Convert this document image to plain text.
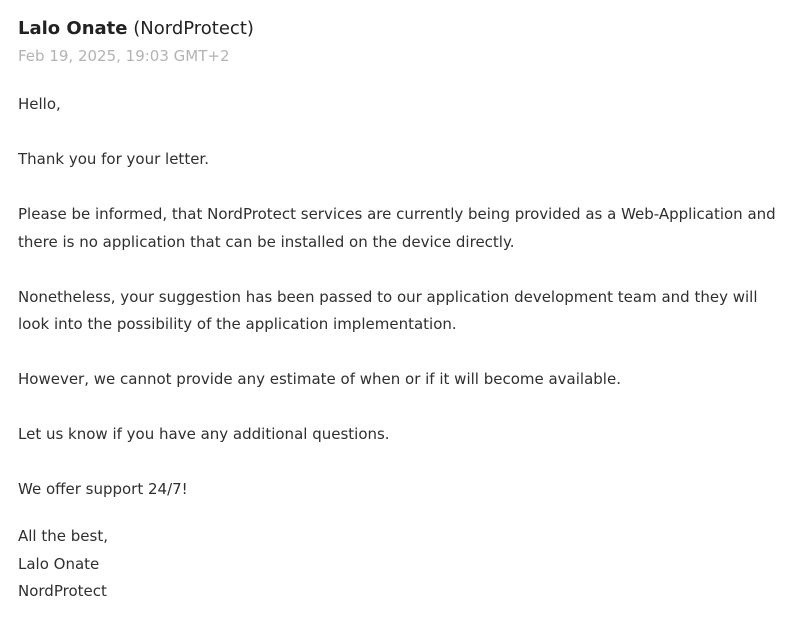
Lalo Onate (NordProtect)
Feb 19, 2025, 19:03 GMT+2

Hello,

Thank you for your letter.

Please be informed, that NordProtect services are currently being provided as a Web-Application and there is no application that can be installed on the device directly.

Nonetheless, your suggestion has been passed to our application development team and they will look into the possibility of the application implementation.

However, we cannot provide any estimate of when or if it will become available.

Let us know if you have any additional questions.

We offer support 24/7!

All the best,
Lalo Onate
NordProtect
